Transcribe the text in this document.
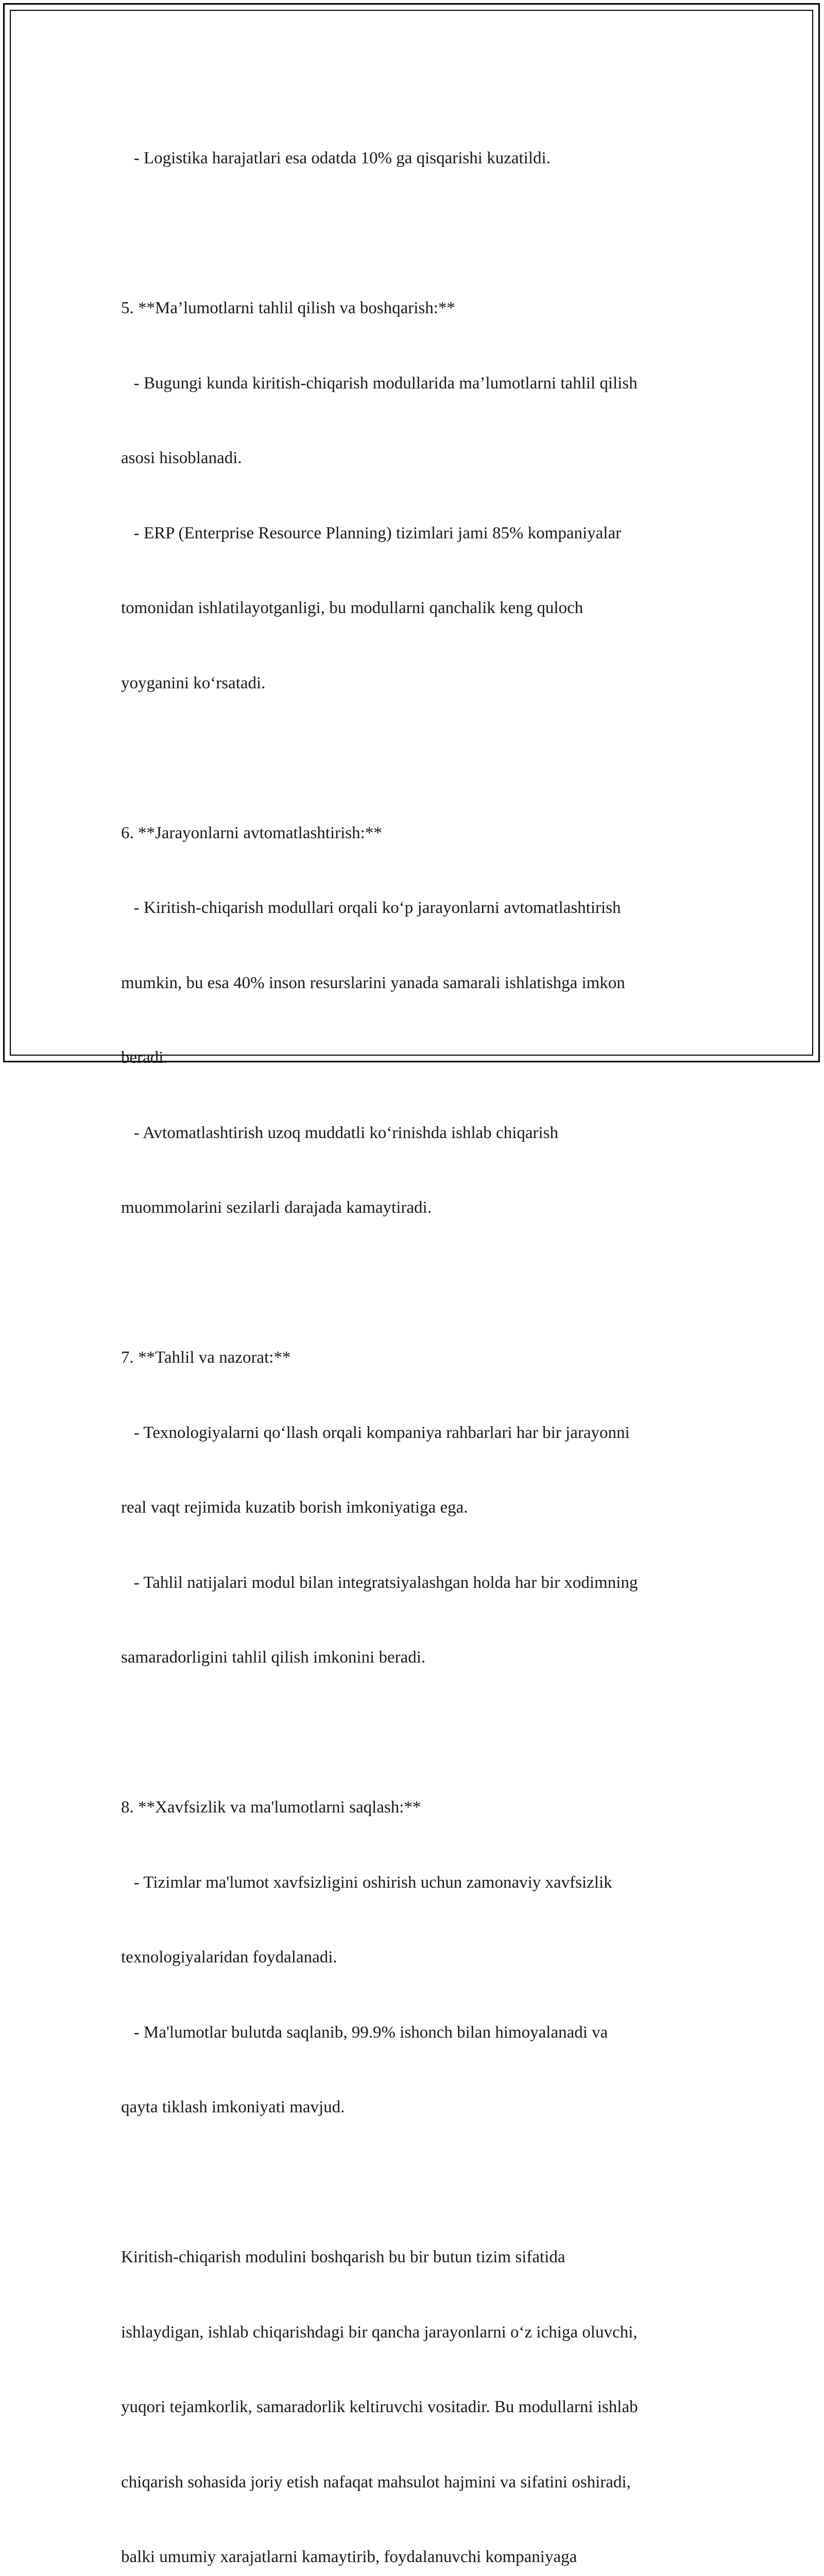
- Logistika harajatlari esa odatda 10% ga qisqarishi kuzatildi.

5. **Ma’lumotlarni tahlil qilish va boshqarish:**

- Bugungi kunda kiritish-chiqarish modullarida ma’lumotlarni tahlil qilish

asosi hisoblanadi.

- ERP (Enterprise Resource Planning) tizimlari jami 85% kompaniyalar

tomonidan ishlatilayotganligi, bu modullarni qanchalik keng quloch

yoyganini koʻrsatadi.

6. **Jarayonlarni avtomatlashtirish:**

- Kiritish-chiqarish modullari orqali koʻp jarayonlarni avtomatlashtirish

mumkin, bu esa 40% inson resurslarini yanada samarali ishlatishga imkon

beradi.

- Avtomatlashtirish uzoq muddatli koʻrinishda ishlab chiqarish

muommolarini sezilarli darajada kamaytiradi.

7. **Tahlil va nazorat:**

- Texnologiyalarni qoʻllash orqali kompaniya rahbarlari har bir jarayonni

real vaqt rejimida kuzatib borish imkoniyatiga ega.

- Tahlil natijalari modul bilan integratsiyalashgan holda har bir xodimning

samaradorligini tahlil qilish imkonini beradi.

8. **Xavfsizlik va ma'lumotlarni saqlash:**

- Tizimlar ma'lumot xavfsizligini oshirish uchun zamonaviy xavfsizlik

texnologiyalaridan foydalanadi.

- Ma'lumotlar bulutda saqlanib, 99.9% ishonch bilan himoyalanadi va

qayta tiklash imkoniyati mavjud.

Kiritish-chiqarish modulini boshqarish bu bir butun tizim sifatida

ishlaydigan, ishlab chiqarishdagi bir qancha jarayonlarni oʻz ichiga oluvchi,

yuqori tejamkorlik, samaradorlik keltiruvchi vositadir. Bu modullarni ishlab

chiqarish sohasida joriy etish nafaqat mahsulot hajmini va sifatini oshiradi,

balki umumiy xarajatlarni kamaytirib, foydalanuvchi kompaniyaga
